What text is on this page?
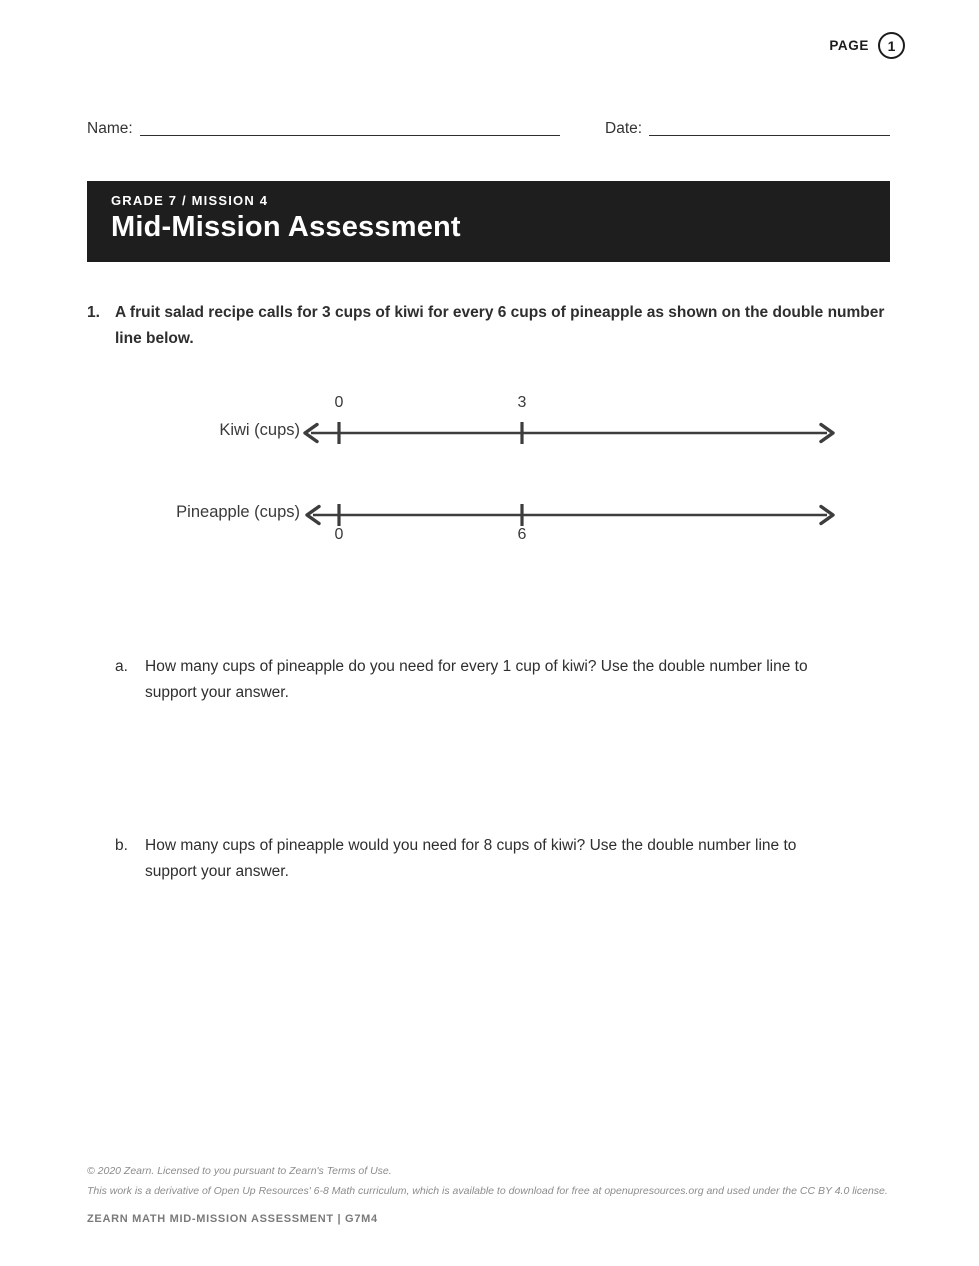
PAGE	1
Name:	Date:
GRADE 7 / MISSION 4
Mid-Mission Assessment
1. A fruit salad recipe calls for 3 cups of kiwi for every 6 cups of pineapple as shown on the double number line below.
Kiwi (cups)
Pineapple (cups)
0	3
0	6
a.	How many cups of pineapple do you need for every 1 cup of kiwi? Use the double number line to support your answer.
b.	How many cups of pineapple would you need for 8 cups of kiwi? Use the double number line to support your answer.
© 2020 Zearn. Licensed to you pursuant to Zearn's Terms of Use.
This work is a derivative of Open Up Resources' 6-8 Math curriculum, which is available to download for free at openupresources.org and used under the CC BY 4.0 license.
ZEARN MATH MID-MISSION ASSESSMENT | G7M4
